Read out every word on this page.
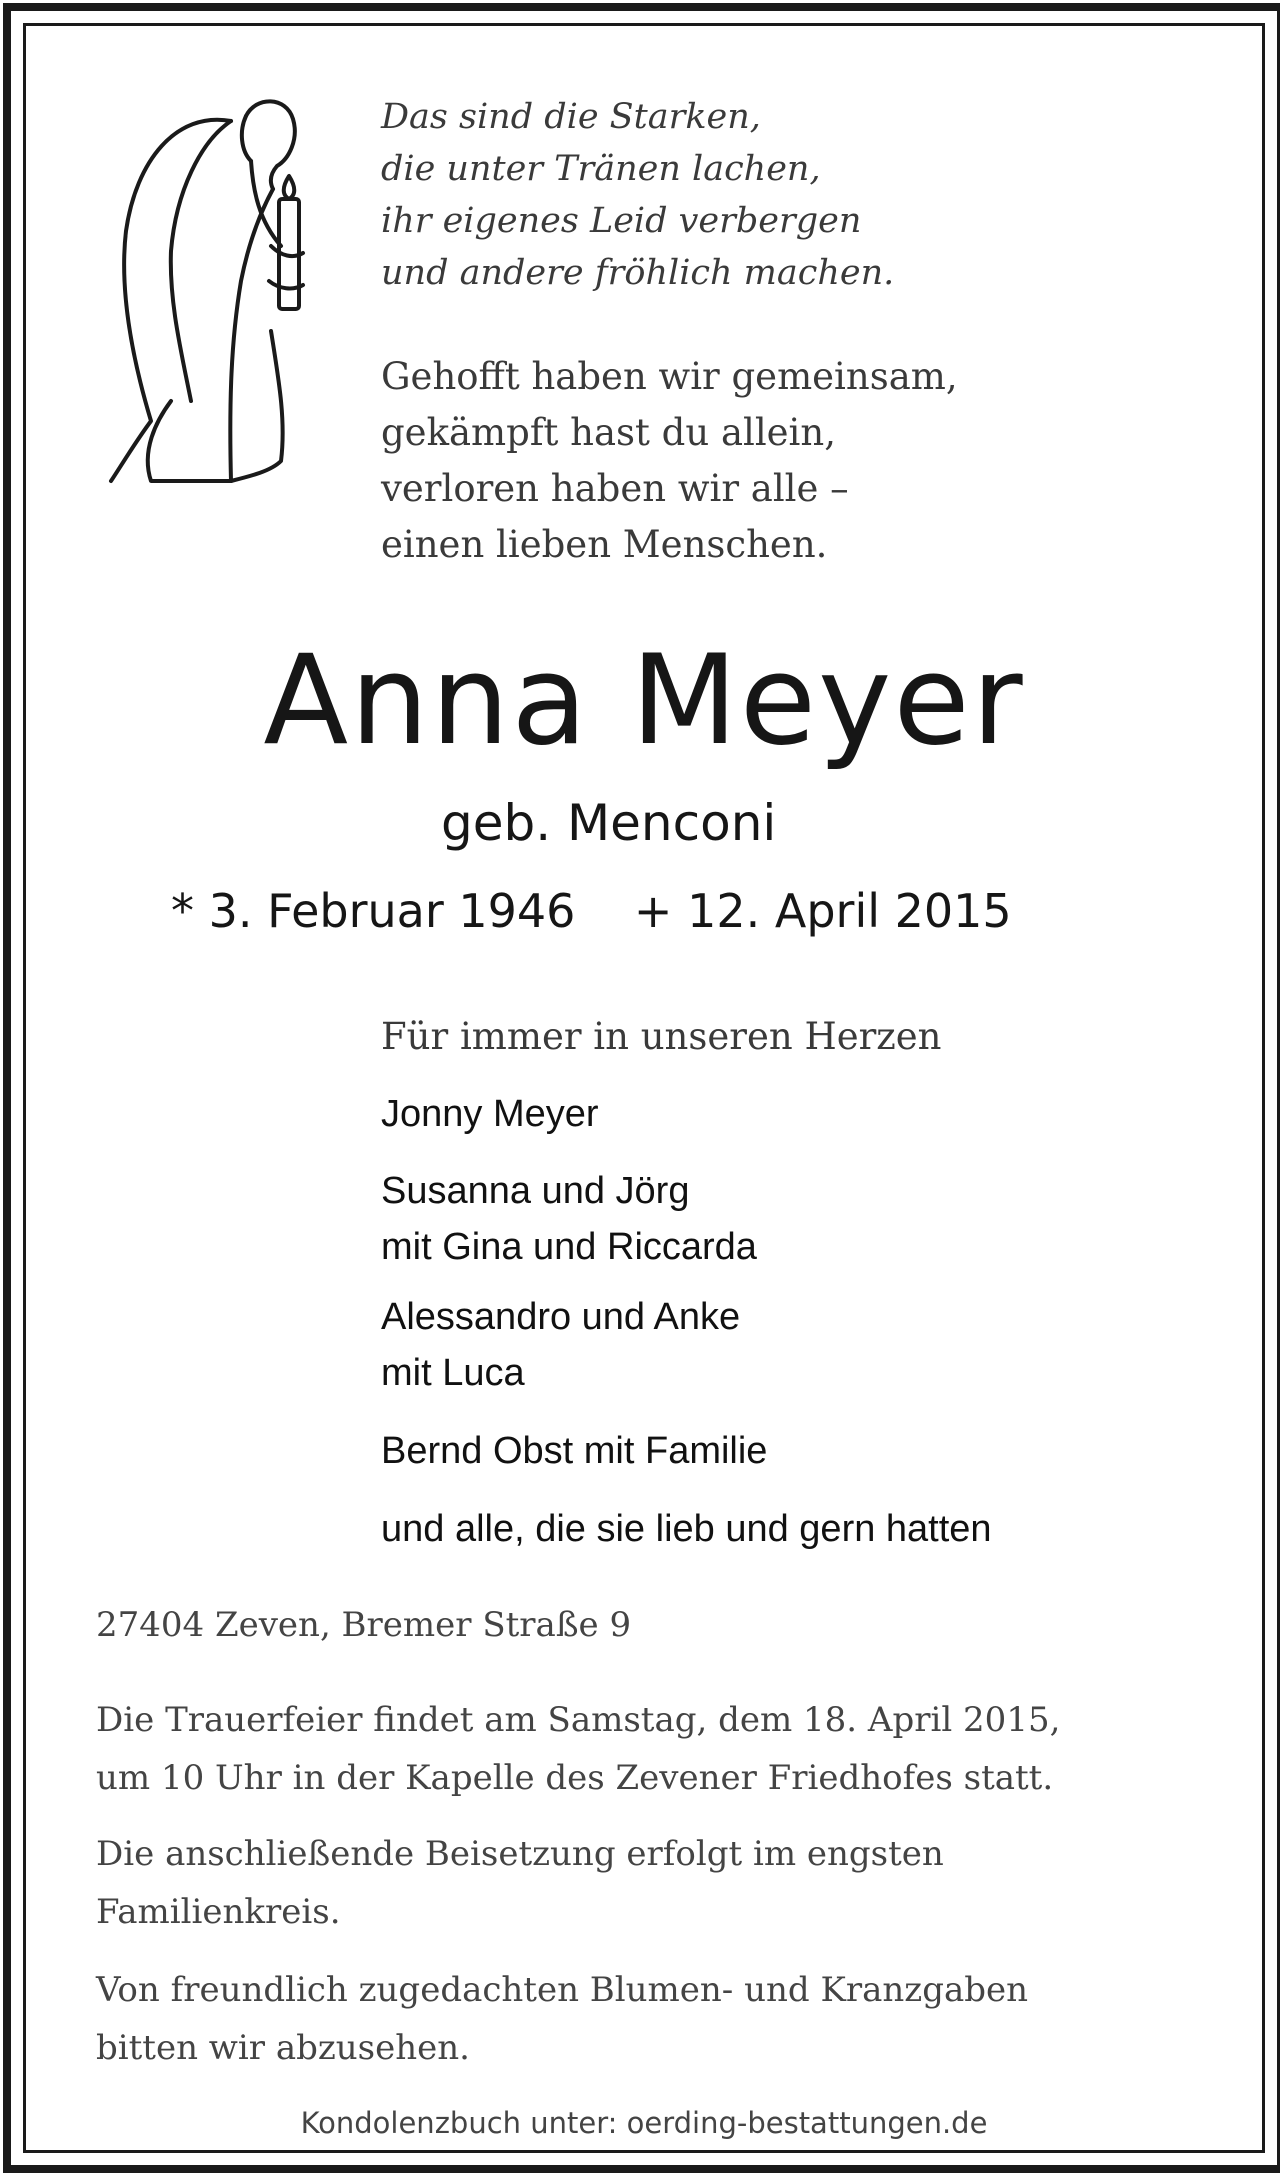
Das sind die Starken,
die unter Tränen lachen,
ihr eigenes Leid verbergen
und andere fröhlich machen.
Gehofft haben wir gemeinsam,
gekämpft hast du allein,
verloren haben wir alle –
einen lieben Menschen.
Anna Meyer
geb. Menconi
* 3. Februar 1946    + 12. April 2015
Für immer in unseren Herzen
Jonny Meyer
Susanna und Jörg
mit Gina und Riccarda
Alessandro und Anke
mit Luca
Bernd Obst mit Familie
und alle, die sie lieb und gern hatten
27404 Zeven, Bremer Straße 9
Die Trauerfeier findet am Samstag, dem 18. April 2015,
um 10 Uhr in der Kapelle des Zevener Friedhofes statt.
Die anschließende Beisetzung erfolgt im engsten
Familienkreis.
Von freundlich zugedachten Blumen- und Kranzgaben
bitten wir abzusehen.
Kondolenzbuch unter: oerding-bestattungen.de
